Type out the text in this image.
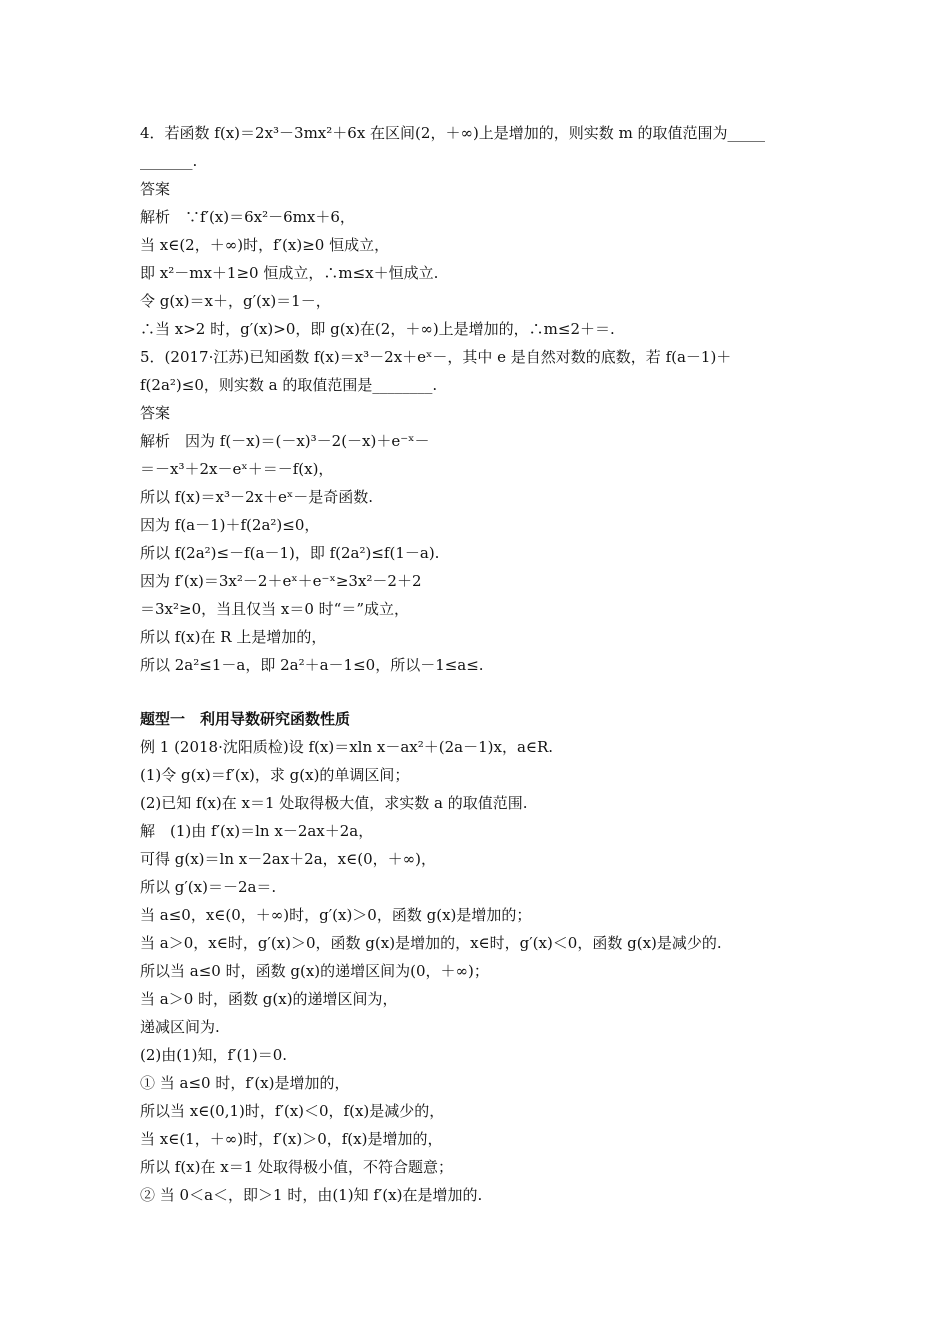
4．若函数 f(x)＝2x³－3mx²＋6x 在区间(2，＋∞)上是增加的，则实数 m 的取值范围为_____
_______.
答案
解析　∵f′(x)＝6x²－6mx＋6，
当 x∈(2，＋∞)时，f′(x)≥0 恒成立，
即 x²－mx＋1≥0 恒成立，∴m≤x＋恒成立.
令 g(x)＝x＋，g′(x)＝1－，
∴当 x>2 时，g′(x)>0，即 g(x)在(2，＋∞)上是增加的，∴m≤2＋＝.
5．(2017·江苏)已知函数 f(x)＝x³－2x＋eˣ－，其中 e 是自然对数的底数，若 f(a－1)＋
f(2a²)≤0，则实数 a 的取值范围是________.
答案
解析　因为 f(－x)＝(－x)³－2(－x)＋e⁻ˣ－
＝－x³＋2x－eˣ＋＝－f(x)，
所以 f(x)＝x³－2x＋eˣ－是奇函数.
因为 f(a－1)＋f(2a²)≤0，
所以 f(2a²)≤－f(a－1)，即 f(2a²)≤f(1－a).
因为 f′(x)＝3x²－2＋eˣ＋e⁻ˣ≥3x²－2＋2
＝3x²≥0，当且仅当 x＝0 时“＝”成立，
所以 f(x)在 R 上是增加的，
所以 2a²≤1－a，即 2a²＋a－1≤0，所以－1≤a≤.
题型一　利用导数研究函数性质
例 1 (2018·沈阳质检)设 f(x)＝xln x－ax²＋(2a－1)x，a∈R.
(1)令 g(x)＝f′(x)，求 g(x)的单调区间；
(2)已知 f(x)在 x＝1 处取得极大值，求实数 a 的取值范围.
解　(1)由 f′(x)＝ln x－2ax＋2a，
可得 g(x)＝ln x－2ax＋2a，x∈(0，＋∞)，
所以 g′(x)＝－2a＝.
当 a≤0，x∈(0，＋∞)时，g′(x)＞0，函数 g(x)是增加的；
当 a＞0，x∈时，g′(x)＞0，函数 g(x)是增加的，x∈时，g′(x)＜0，函数 g(x)是减少的.
所以当 a≤0 时，函数 g(x)的递增区间为(0，＋∞)；
当 a＞0 时，函数 g(x)的递增区间为，
递减区间为.
(2)由(1)知，f′(1)＝0.
① 当 a≤0 时，f′(x)是增加的，
所以当 x∈(0,1)时，f′(x)＜0，f(x)是减少的，
当 x∈(1，＋∞)时，f′(x)＞0，f(x)是增加的，
所以 f(x)在 x＝1 处取得极小值，不符合题意；
② 当 0＜a＜，即＞1 时，由(1)知 f′(x)在是增加的.
